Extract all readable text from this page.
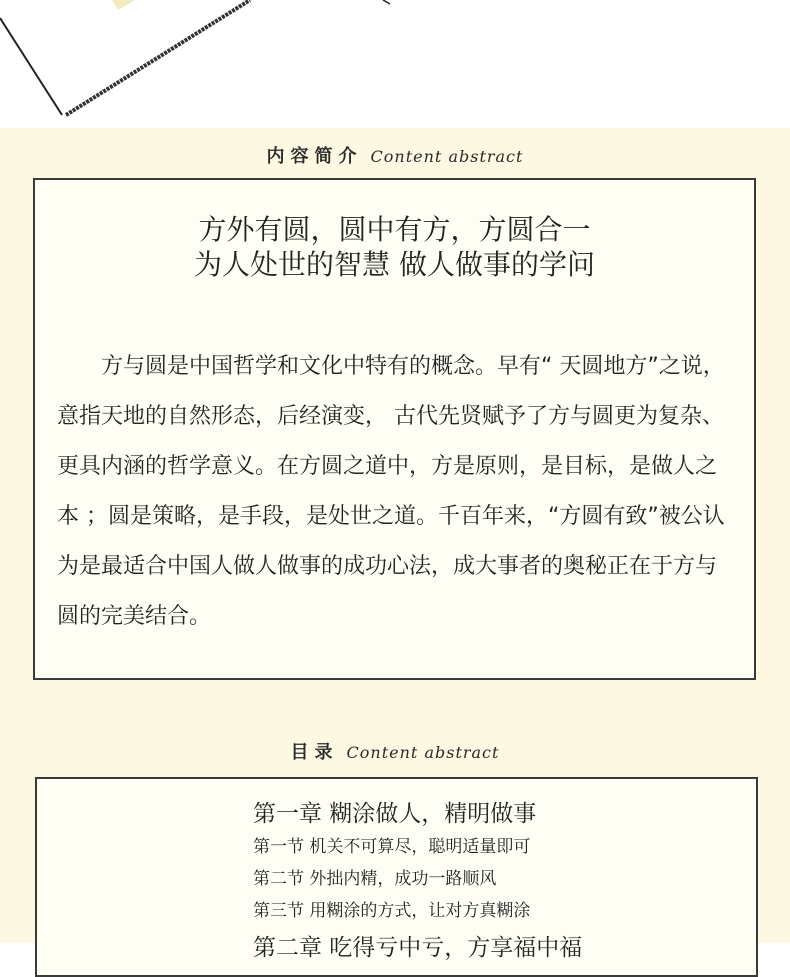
内容简介 Content abstract
方外有圆，圆中有方，方圆合一
为人处世的智慧 做人做事的学问

方与圆是中国哲学和文化中特有的概念。早有“ 天圆地方”之说，意指天地的自然形态，后经演变， 古代先贤赋予了方与圆更为复杂、更具内涵的哲学意义。在方圆之道中，方是原则，是目标，是做人之本 ；圆是策略，是手段，是处世之道。千百年来，“方圆有致”被公认为是最适合中国人做人做事的成功心法，成大事者的奥秘正在于方与圆的完美结合。

目录 Content abstract
第一章 糊涂做人，精明做事
第一节 机关不可算尽，聪明适量即可
第二节 外拙内精，成功一路顺风
第三节 用糊涂的方式，让对方真糊涂
第二章 吃得亏中亏，方享福中福
